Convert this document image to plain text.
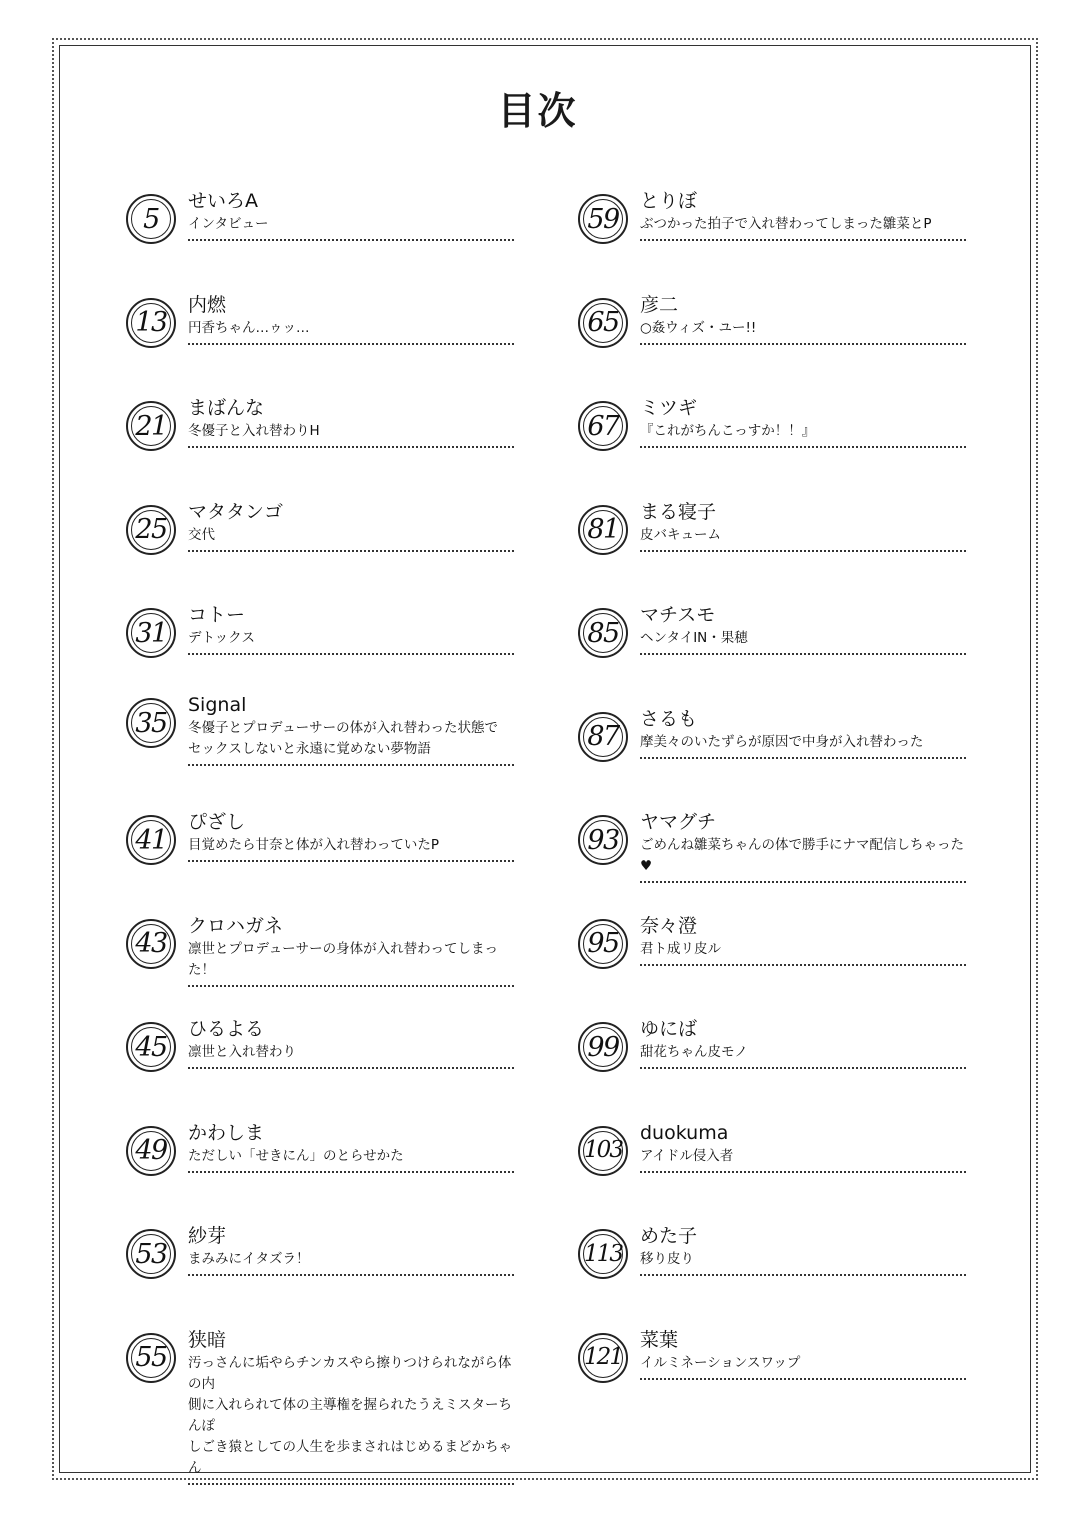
目次
5
せいろA
インタビュー
13
内燃
円香ちゃん…ゥッ…
21
まばんな
冬優子と入れ替わりH
25
マタタンゴ
交代
31
コトー
デトックス
35
Signal
冬優子とプロデューサーの体が入れ替わった状態で
セックスしないと永遠に覚めない夢物語
41
ぴざし
目覚めたら甘奈と体が入れ替わっていたP
43
クロハガネ
凛世とプロデューサーの身体が入れ替わってしまった！
45
ひるよる
凛世と入れ替わり
49
かわしま
ただしい「せきにん」のとらせかた
53
紗芽
まみみにイタズラ！
55
狭暗
汚っさんに垢やらチンカスやら擦りつけられながら体の内
側に入れられて体の主導権を握られたうえミスターちんぽ
しごき猿としての人生を歩まされはじめるまどかちゃん
59
とりぼ
ぶつかった拍子で入れ替わってしまった雛菜とP
65
彦二
○姦ウィズ・ユー!!
67
ミツギ
『これがちんこっすか！！』
81
まる寝子
皮バキューム
85
マチスモ
ヘンタイIN・果穂
87
さるも
摩美々のいたずらが原因で中身が入れ替わった
93
ヤマグチ
ごめんね雛菜ちゃんの体で勝手にナマ配信しちゃった♥
95
奈々澄
君ト成リ皮ル
99
ゆにば
甜花ちゃん皮モノ
103
duokuma
アイドル侵入者
113
めた子
移り皮り
121
菜葉
イルミネーションスワップ
